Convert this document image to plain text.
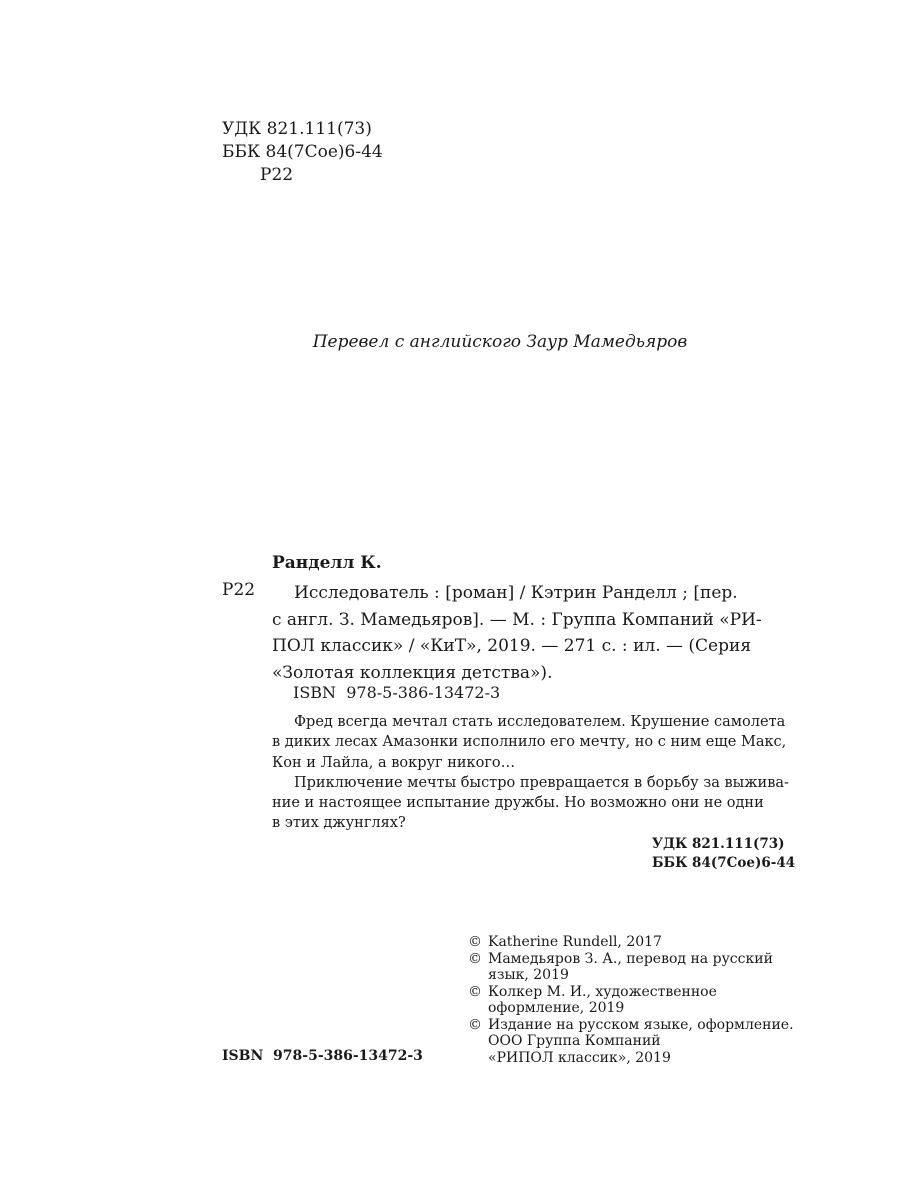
УДК 821.111(73)
ББК 84(7Сое)6-44
Р22
Перевел с английского Заур Мамедьяров
Ранделл К.
Р22	Исследователь : [роман] / Кэтрин Ранделл ; [пер.
с англ. З. Мамедьяров]. — М. : Группа Компаний «РИ-
ПОЛ классик» / «КиТ», 2019. — 271 с. : ил. — (Серия
«Золотая коллекция детства»).
ISBN  978-5-386-13472-3
Фред всегда мечтал стать исследователем. Крушение самолета
в диких лесах Амазонки исполнило его мечту, но с ним еще Макс,
Кон и Лайла, а вокруг никого…
Приключение мечты быстро превращается в борьбу за выжива-
ние и настоящее испытание дружбы. Но возможно они не одни
в этих джунглях?
УДК 821.111(73)
ББК 84(7Сое)6-44
© Katherine Rundell, 2017
© Мамедьяров З. А., перевод на русский
язык, 2019
© Колкер М. И., художественное
оформление, 2019
© Издание на русском языке, оформление.
ООО Группа Компаний
«РИПОЛ классик», 2019
ISBN  978-5-386-13472-3
